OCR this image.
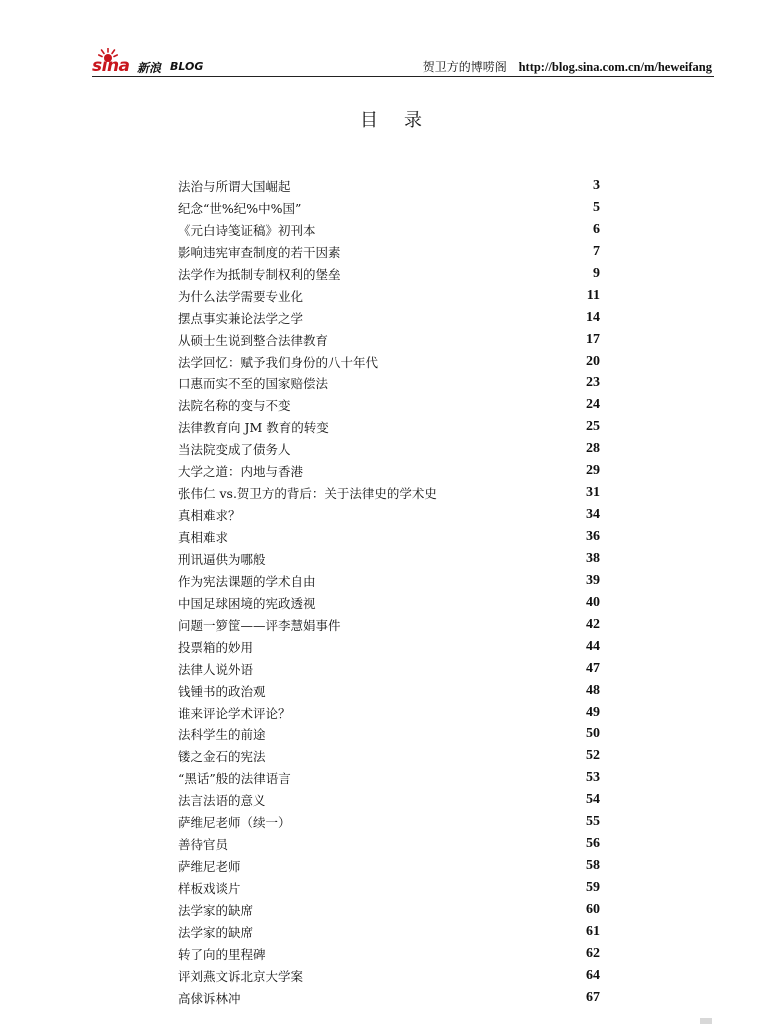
sina 新浪 BLOG	贺卫方的博唠阁 http://blog.sina.com.cn/m/heweifang
目录
法治与所谓大国崛起	3
纪念“世%纪%中%国”	5
《元白诗笺证稿》初刊本	6
影响违宪审查制度的若干因素	7
法学作为抵制专制权利的堡垒	9
为什么法学需要专业化	11
摆点事实兼论法学之学	14
从硕士生说到整合法律教育	17
法学回忆：赋予我们身份的八十年代	20
口惠而实不至的国家赔偿法	23
法院名称的变与不变	24
法律教育向 JM 教育的转变	25
当法院变成了债务人	28
大学之道：内地与香港	29
张伟仁 vs.贺卫方的背后：关于法律史的学术史	31
真相难求？	34
真相难求	36
刑讯逼供为哪般	38
作为宪法课题的学术自由	39
中国足球困境的宪政透视	40
问题一箩筐——评李慧娟事件	42
投票箱的妙用	44
法律人说外语	47
钱锺书的政治观	48
谁来评论学术评论？	49
法科学生的前途	50
镂之金石的宪法	52
“黑话”般的法律语言	53
法言法语的意义	54
萨维尼老师（续一）	55
善待官员	56
萨维尼老师	58
样板戏谈片	59
法学家的缺席	60
法学家的缺席	61
转了向的里程碑	62
评刘燕文诉北京大学案	64
高俅诉林冲	67
